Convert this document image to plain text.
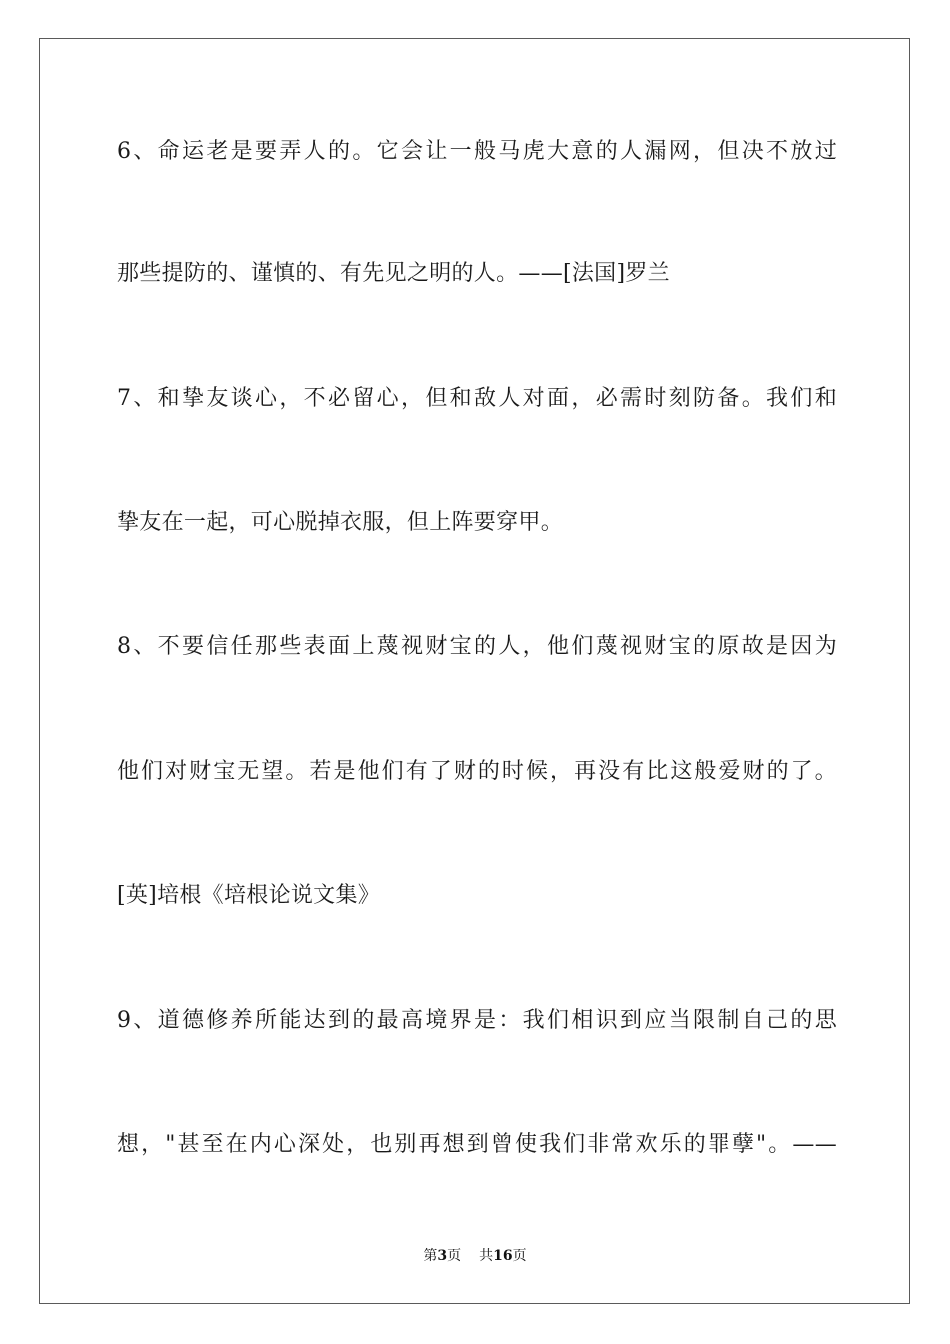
6、命运老是要弄人的。它会让一般马虎大意的人漏网，但决不放过
那些提防的、谨慎的、有先见之明的人。——[法国]罗兰
7、和挚友谈心，不必留心，但和敌人对面，必需时刻防备。我们和
挚友在一起，可心脱掉衣服，但上阵要穿甲。
8、不要信任那些表面上蔑视财宝的人，他们蔑视财宝的原故是因为
他们对财宝无望。若是他们有了财的时候，再没有比这般爱财的了。
[英]培根《培根论说文集》
9、道德修养所能达到的最高境界是：我们相识到应当限制自己的思
想，"甚至在内心深处，也别再想到曾使我们非常欢乐的罪孽"。——
第3页 共16页
